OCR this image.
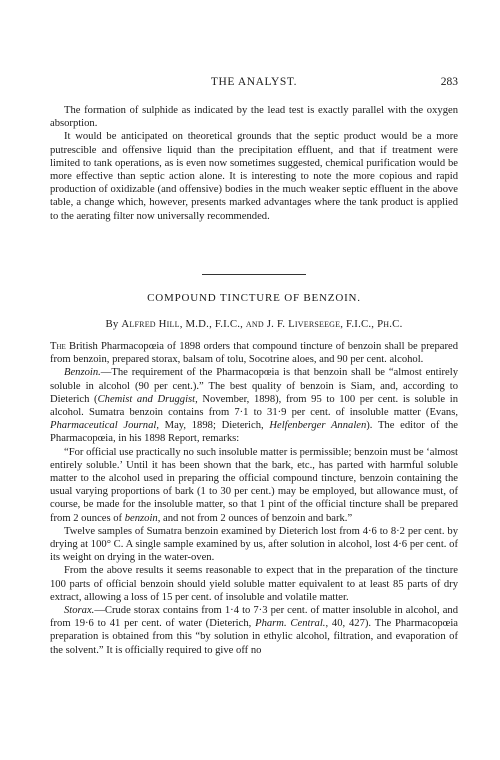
THE ANALYST.	283

The formation of sulphide as indicated by the lead test is exactly parallel with the oxygen absorption.

It would be anticipated on theoretical grounds that the septic product would be a more putrescible and offensive liquid than the precipitation effluent, and that if treatment were limited to tank operations, as is even now sometimes suggested, chemical purification would be more effective than septic action alone. It is interesting to note the more copious and rapid production of oxidizable (and offensive) bodies in the much weaker septic effluent in the above table, a change which, however, presents marked advantages where the tank product is applied to the aerating filter now universally recommended.

COMPOUND TINCTURE OF BENZOIN.
By Alfred Hill, M.D., F.I.C., and J. F. Liverseege, F.I.C., Ph.C.

The British Pharmacopœia of 1898 orders that compound tincture of benzoin shall be prepared from benzoin, prepared storax, balsam of tolu, Socotrine aloes, and 90 per cent. alcohol.

Benzoin.—The requirement of the Pharmacopœia is that benzoin shall be “almost entirely soluble in alcohol (90 per cent.).” The best quality of benzoin is Siam, and, according to Dieterich (Chemist and Druggist, November, 1898), from 95 to 100 per cent. is soluble in alcohol. Sumatra benzoin contains from 7·1 to 31·9 per cent. of insoluble matter (Evans, Pharmaceutical Journal, May, 1898; Dieterich, Helfenberger Annalen). The editor of the Pharmacopœia, in his 1898 Report, remarks:

“For official use practically no such insoluble matter is permissible; benzoin must be ‘almost entirely soluble.’ Until it has been shown that the bark, etc., has parted with harmful soluble matter to the alcohol used in preparing the official compound tincture, benzoin containing the usual varying proportions of bark (1 to 30 per cent.) may be employed, but allowance must, of course, be made for the insoluble matter, so that 1 pint of the official tincture shall be prepared from 2 ounces of benzoin, and not from 2 ounces of benzoin and bark.”

Twelve samples of Sumatra benzoin examined by Dieterich lost from 4·6 to 8·2 per cent. by drying at 100° C. A single sample examined by us, after solution in alcohol, lost 4·6 per cent. of its weight on drying in the water-oven.

From the above results it seems reasonable to expect that in the preparation of the tincture 100 parts of official benzoin should yield soluble matter equivalent to at least 85 parts of dry extract, allowing a loss of 15 per cent. of insoluble and volatile matter.

Storax.—Crude storax contains from 1·4 to 7·3 per cent. of matter insoluble in alcohol, and from 19·6 to 41 per cent. of water (Dieterich, Pharm. Central., 40, 427). The Pharmacopœia preparation is obtained from this “by solution in ethylic alcohol, filtration, and evaporation of the solvent.” It is officially required to give off no
